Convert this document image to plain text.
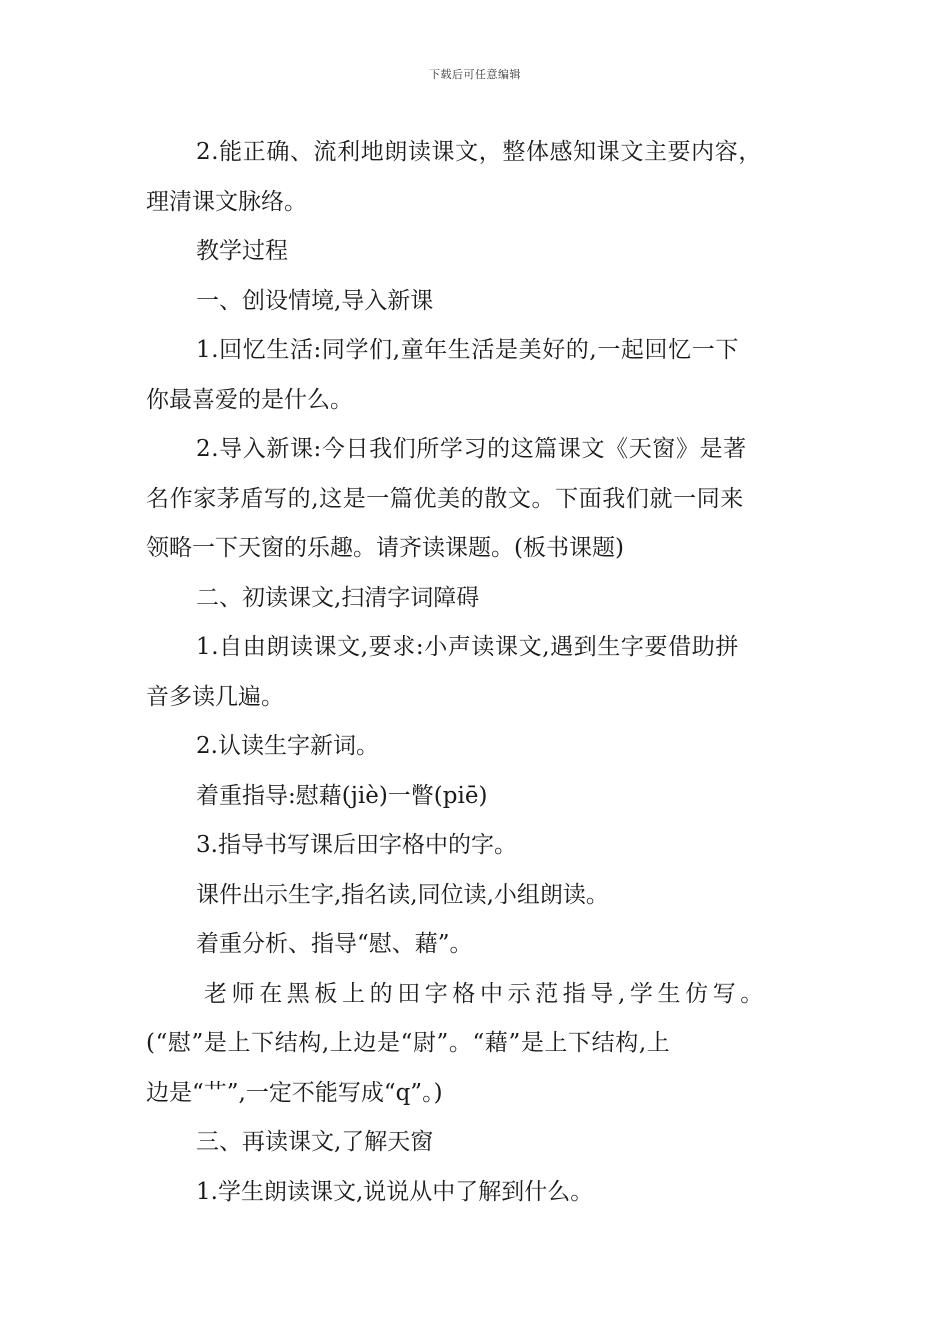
下载后可任意编辑

2.能正确、流利地朗读课文，整体感知课文主要内容，
理清课文脉络。

教学过程

一、创设情境,导入新课

1.回忆生活:同学们,童年生活是美好的,一起回忆一下
你最喜爱的是什么。

2.导入新课:今日我们所学习的这篇课文《天窗》是著
名作家茅盾写的,这是一篇优美的散文。下面我们就一同来
领略一下天窗的乐趣。请齐读课题。(板书课题)

二、初读课文,扫清字词障碍

1.自由朗读课文,要求:小声读课文,遇到生字要借助拼
音多读几遍。

2.认读生字新词。

着重指导:慰藉(jiè)一瞥(piē)

3.指导书写课后田字格中的字。

课件出示生字,指名读,同位读,小组朗读。

着重分析、指导“慰、藉”。

老师在黑板上的田字格中示范指导,学生仿写。
(“慰”是上下结构,上边是“尉”。“藉”是上下结构,上
边是“艹”,一定不能写成“q”。)

三、再读课文,了解天窗

1.学生朗读课文,说说从中了解到什么。
